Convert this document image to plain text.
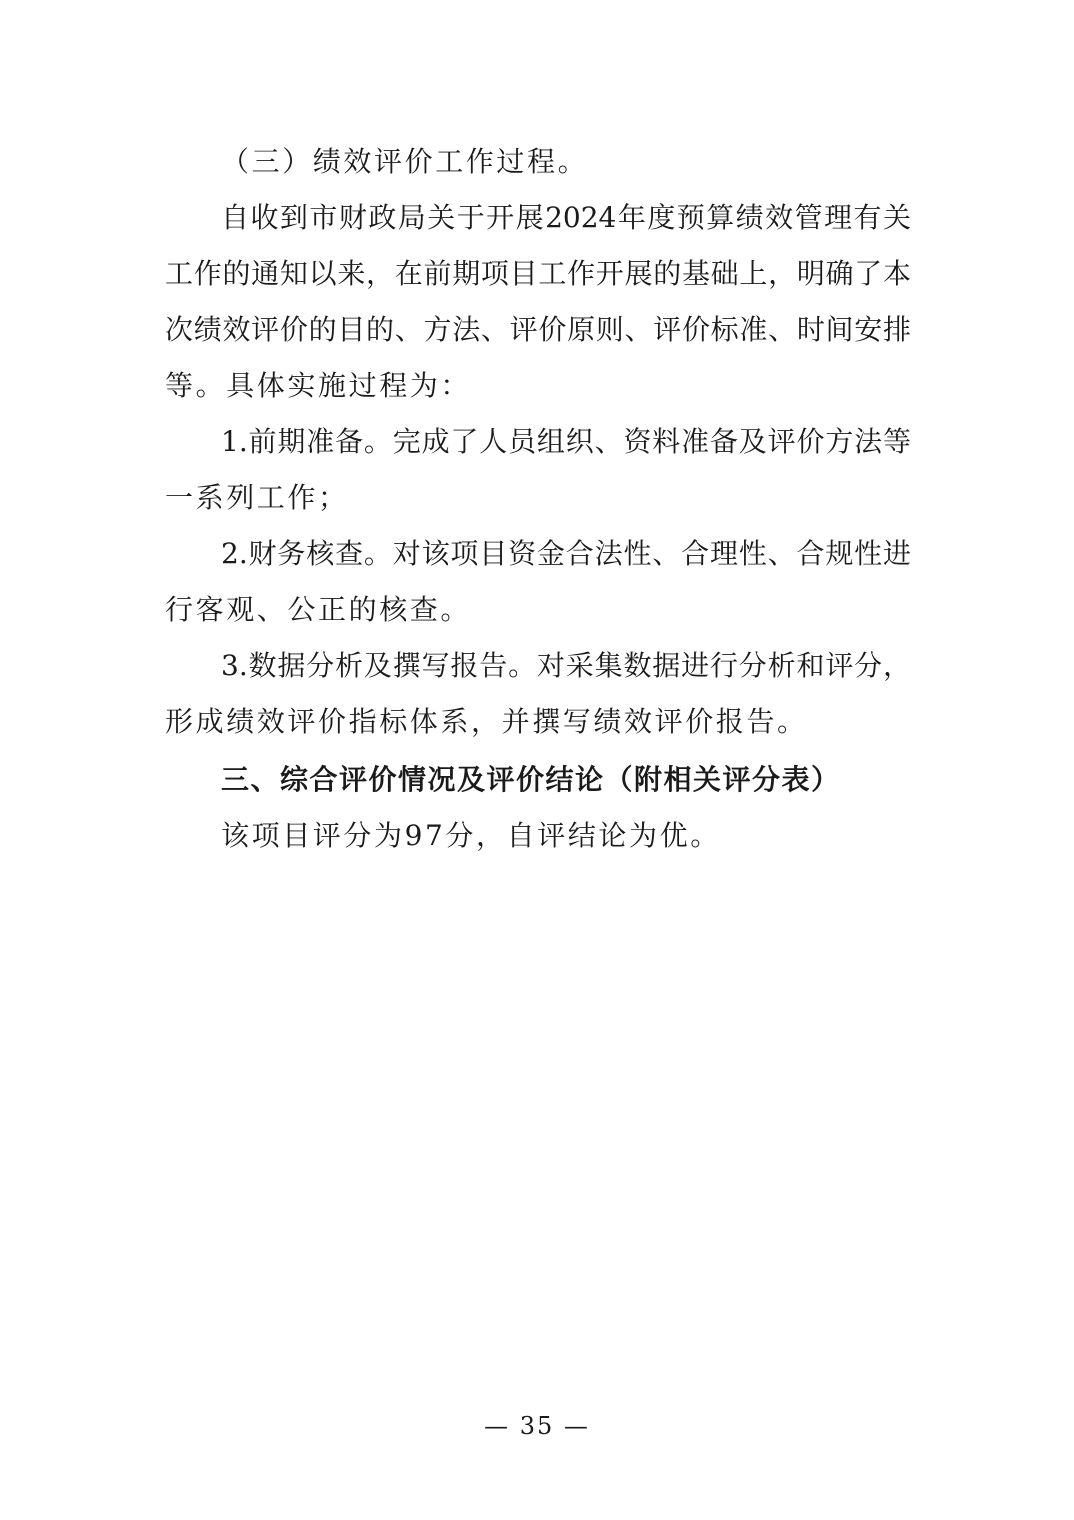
（三）绩效评价工作过程。
自收到市财政局关于开展2024年度预算绩效管理有关
工作的通知以来，在前期项目工作开展的基础上，明确了本
次绩效评价的目的、方法、评价原则、评价标准、时间安排
等。具体实施过程为：
1.前期准备。完成了人员组织、资料准备及评价方法等
一系列工作；
2.财务核查。对该项目资金合法性、合理性、合规性进
行客观、公正的核查。
3.数据分析及撰写报告。对采集数据进行分析和评分，
形成绩效评价指标体系，并撰写绩效评价报告。
三、综合评价情况及评价结论（附相关评分表）
该项目评分为97分，自评结论为优。
— 35 —
